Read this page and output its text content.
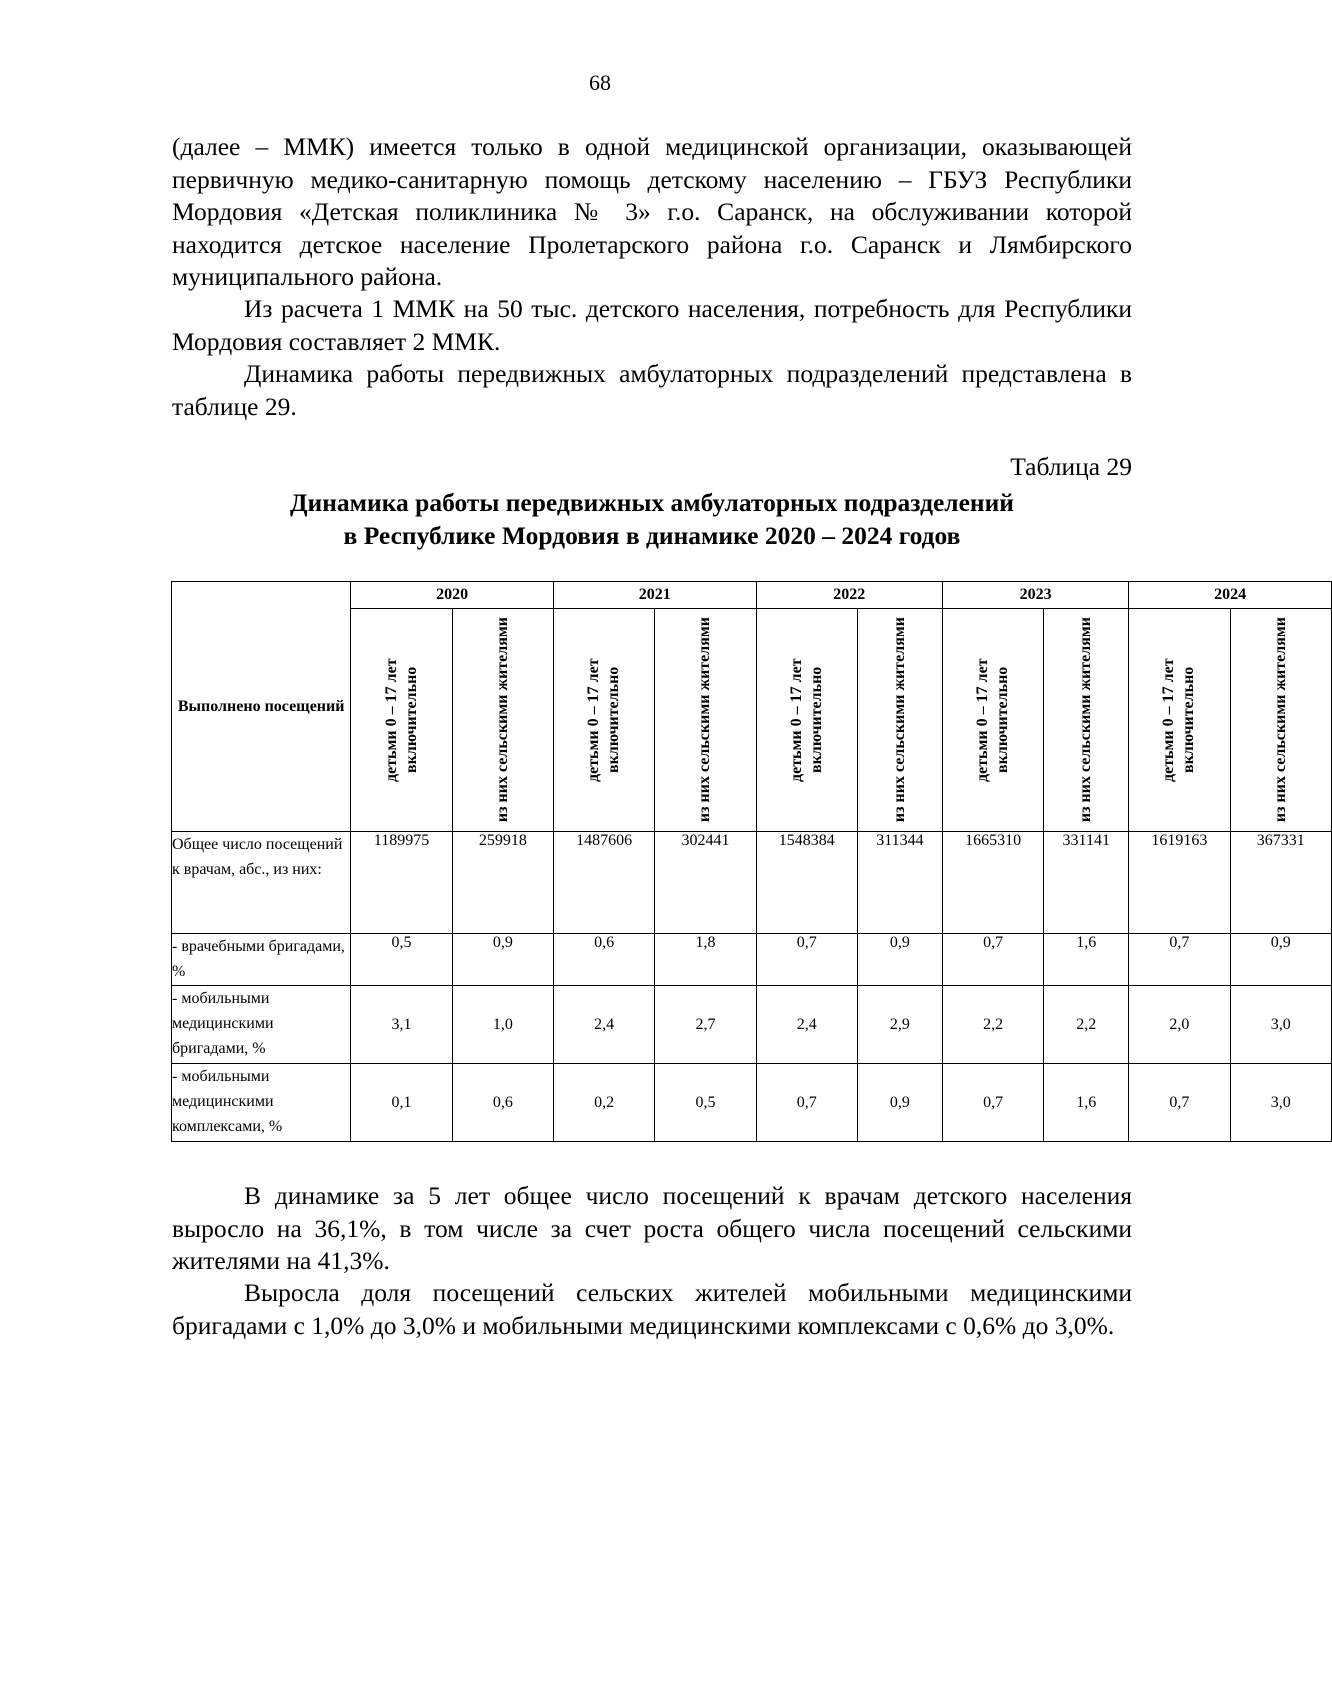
68

(далее – ММК) имеется только в одной медицинской организации, оказывающей первичную медико-санитарную помощь детскому населению – ГБУЗ Республики Мордовия «Детская поликлиника № 3» г.о. Саранск, на обслуживании которой находится детское население Пролетарского района г.о. Саранск и Лямбирского муниципального района.

Из расчета 1 ММК на 50 тыс. детского населения, потребность для Республики Мордовия составляет 2 ММК.

Динамика работы передвижных амбулаторных подразделений представлена в таблице 29.

Таблица 29
Динамика работы передвижных амбулаторных подразделений
в Республике Мордовия в динамике 2020 – 2024 годов
Выполнено посещений	2020		2021		2022		2023		2024	

	детьми 0 – 17 лет включительно	из них сельскими жителями	детьми 0 – 17 лет включительно	из них сельскими жителями	детьми 0 – 17 лет включительно	из них сельскими жителями	детьми 0 – 17 лет включительно	из них сельскими жителями	детьми 0 – 17 лет включительно	из них сельскими жителями

Общее число посещений к врачам, абс., из них:	1189975	259918	1487606	302441	1548384	311344	1665310	331141	1619163	367331
- врачебными бригадами, %	0,5	0,9	0,6	1,8	0,7	0,9	0,7	1,6	0,7	0,9
- мобильными медицинскими бригадами, %	3,1	1,0	2,4	2,7	2,4	2,9	2,2	2,2	2,0	3,0
- мобильными медицинскими комплексами, %	0,1	0,6	0,2	0,5	0,7	0,9	0,7	1,6	0,7	3,0

В динамике за 5 лет общее число посещений к врачам детского населения выросло на 36,1%, в том числе за счет роста общего числа посещений сельскими жителями на 41,3%.

Выросла доля посещений сельских жителей мобильными медицинскими бригадами с 1,0% до 3,0% и мобильными медицинскими комплексами с 0,6% до 3,0%.
